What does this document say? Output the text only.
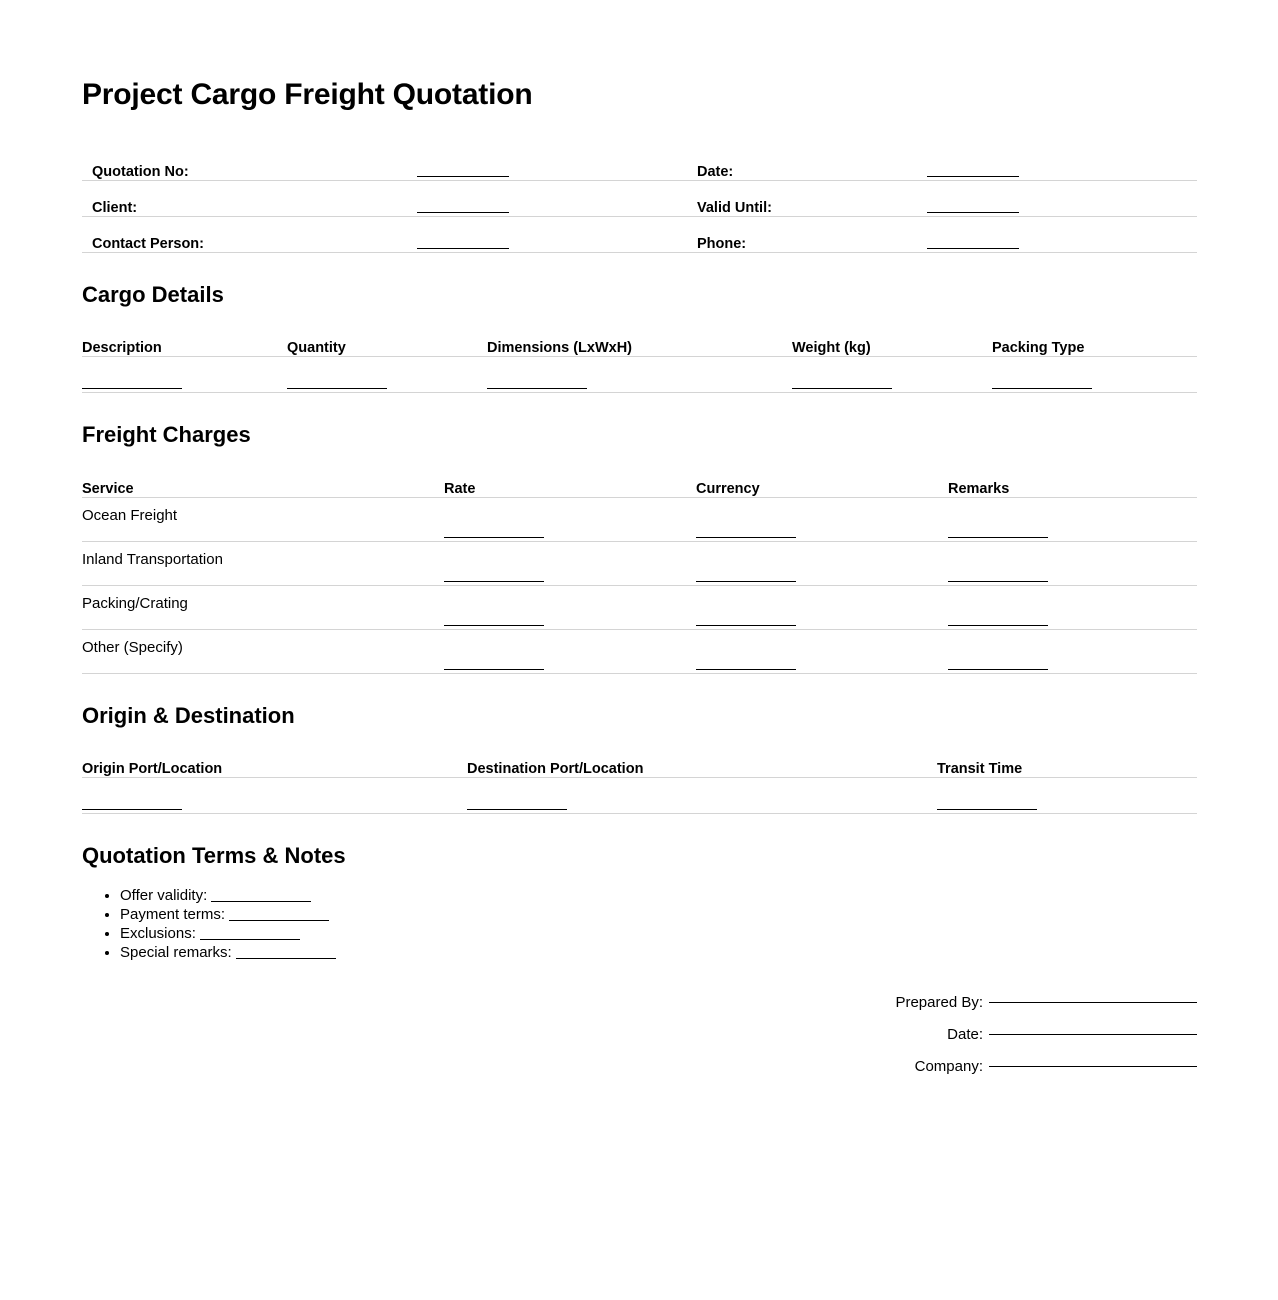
Project Cargo Freight Quotation
Quotation No:		Date:	
Client:		Valid Until:	
Contact Person:		Phone:	
Cargo Details
Description	Quantity	Dimensions (LxWxH)	Weight (kg)	Packing Type

Freight Charges
Service	Rate	Currency	Remarks
Ocean Freight			
Inland Transportation			
Packing/Crating			
Other (Specify)			
Origin & Destination
Origin Port/Location	Destination Port/Location	Transit Time

Quotation Terms & Notes
• Offer validity:
• Payment terms:
• Exclusions:
• Special remarks:
Prepared By:	
Date:	
Company:	
